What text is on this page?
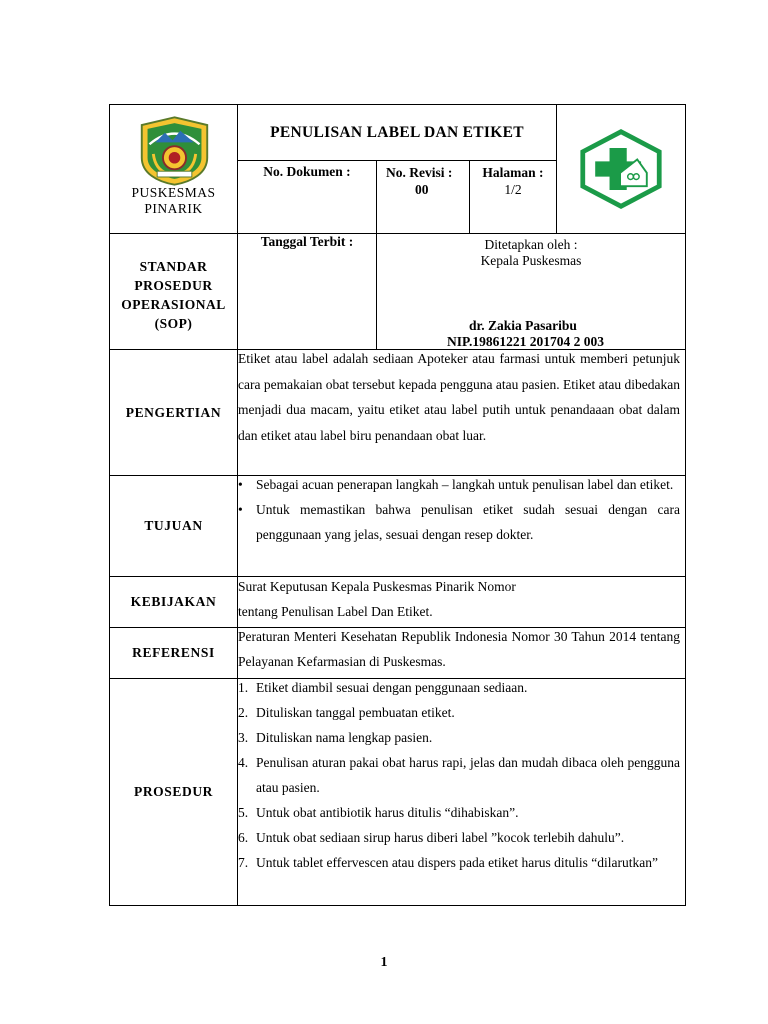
PUSKESMAS
PINARIK
PENULISAN LABEL DAN ETIKET
No. Dokumen :	No. Revisi :
00
Halaman :
1/2
STANDAR
PROSEDUR
OPERASIONAL
(SOP)
Tanggal Terbit :	Ditetapkan oleh :
Kepala Puskesmas
dr. Zakia Pasaribu
NIP.19861221 201704 2 003
PENGERTIAN
Etiket atau label adalah sediaan Apoteker atau farmasi untuk memberi petunjuk cara pemakaian obat tersebut kepada pengguna atau pasien. Etiket atau dibedakan menjadi dua macam, yaitu etiket atau label putih untuk penandaaan obat dalam dan etiket atau label biru penandaan obat luar.
TUJUAN
• Sebagai acuan penerapan langkah – langkah untuk penulisan label dan etiket.
• Untuk memastikan bahwa penulisan etiket sudah sesuai dengan cara penggunaan yang jelas, sesuai dengan resep dokter.
KEBIJAKAN
Surat Keputusan Kepala Puskesmas Pinarik Nomor
tentang Penulisan Label Dan Etiket.
REFERENSI
Peraturan Menteri Kesehatan Republik Indonesia Nomor 30 Tahun 2014 tentang Pelayanan Kefarmasian di Puskesmas.
PROSEDUR
1. Etiket diambil sesuai dengan penggunaan sediaan.
2. Dituliskan tanggal pembuatan etiket.
3. Dituliskan nama lengkap pasien.
4. Penulisan aturan pakai obat harus rapi, jelas dan mudah dibaca oleh pengguna atau pasien.
5. Untuk obat antibiotik harus ditulis “dihabiskan”.
6. Untuk obat sediaan sirup harus diberi label ”kocok terlebih dahulu”.
7. Untuk tablet effervescen atau dispers pada etiket harus ditulis “dilarutkan”
1
